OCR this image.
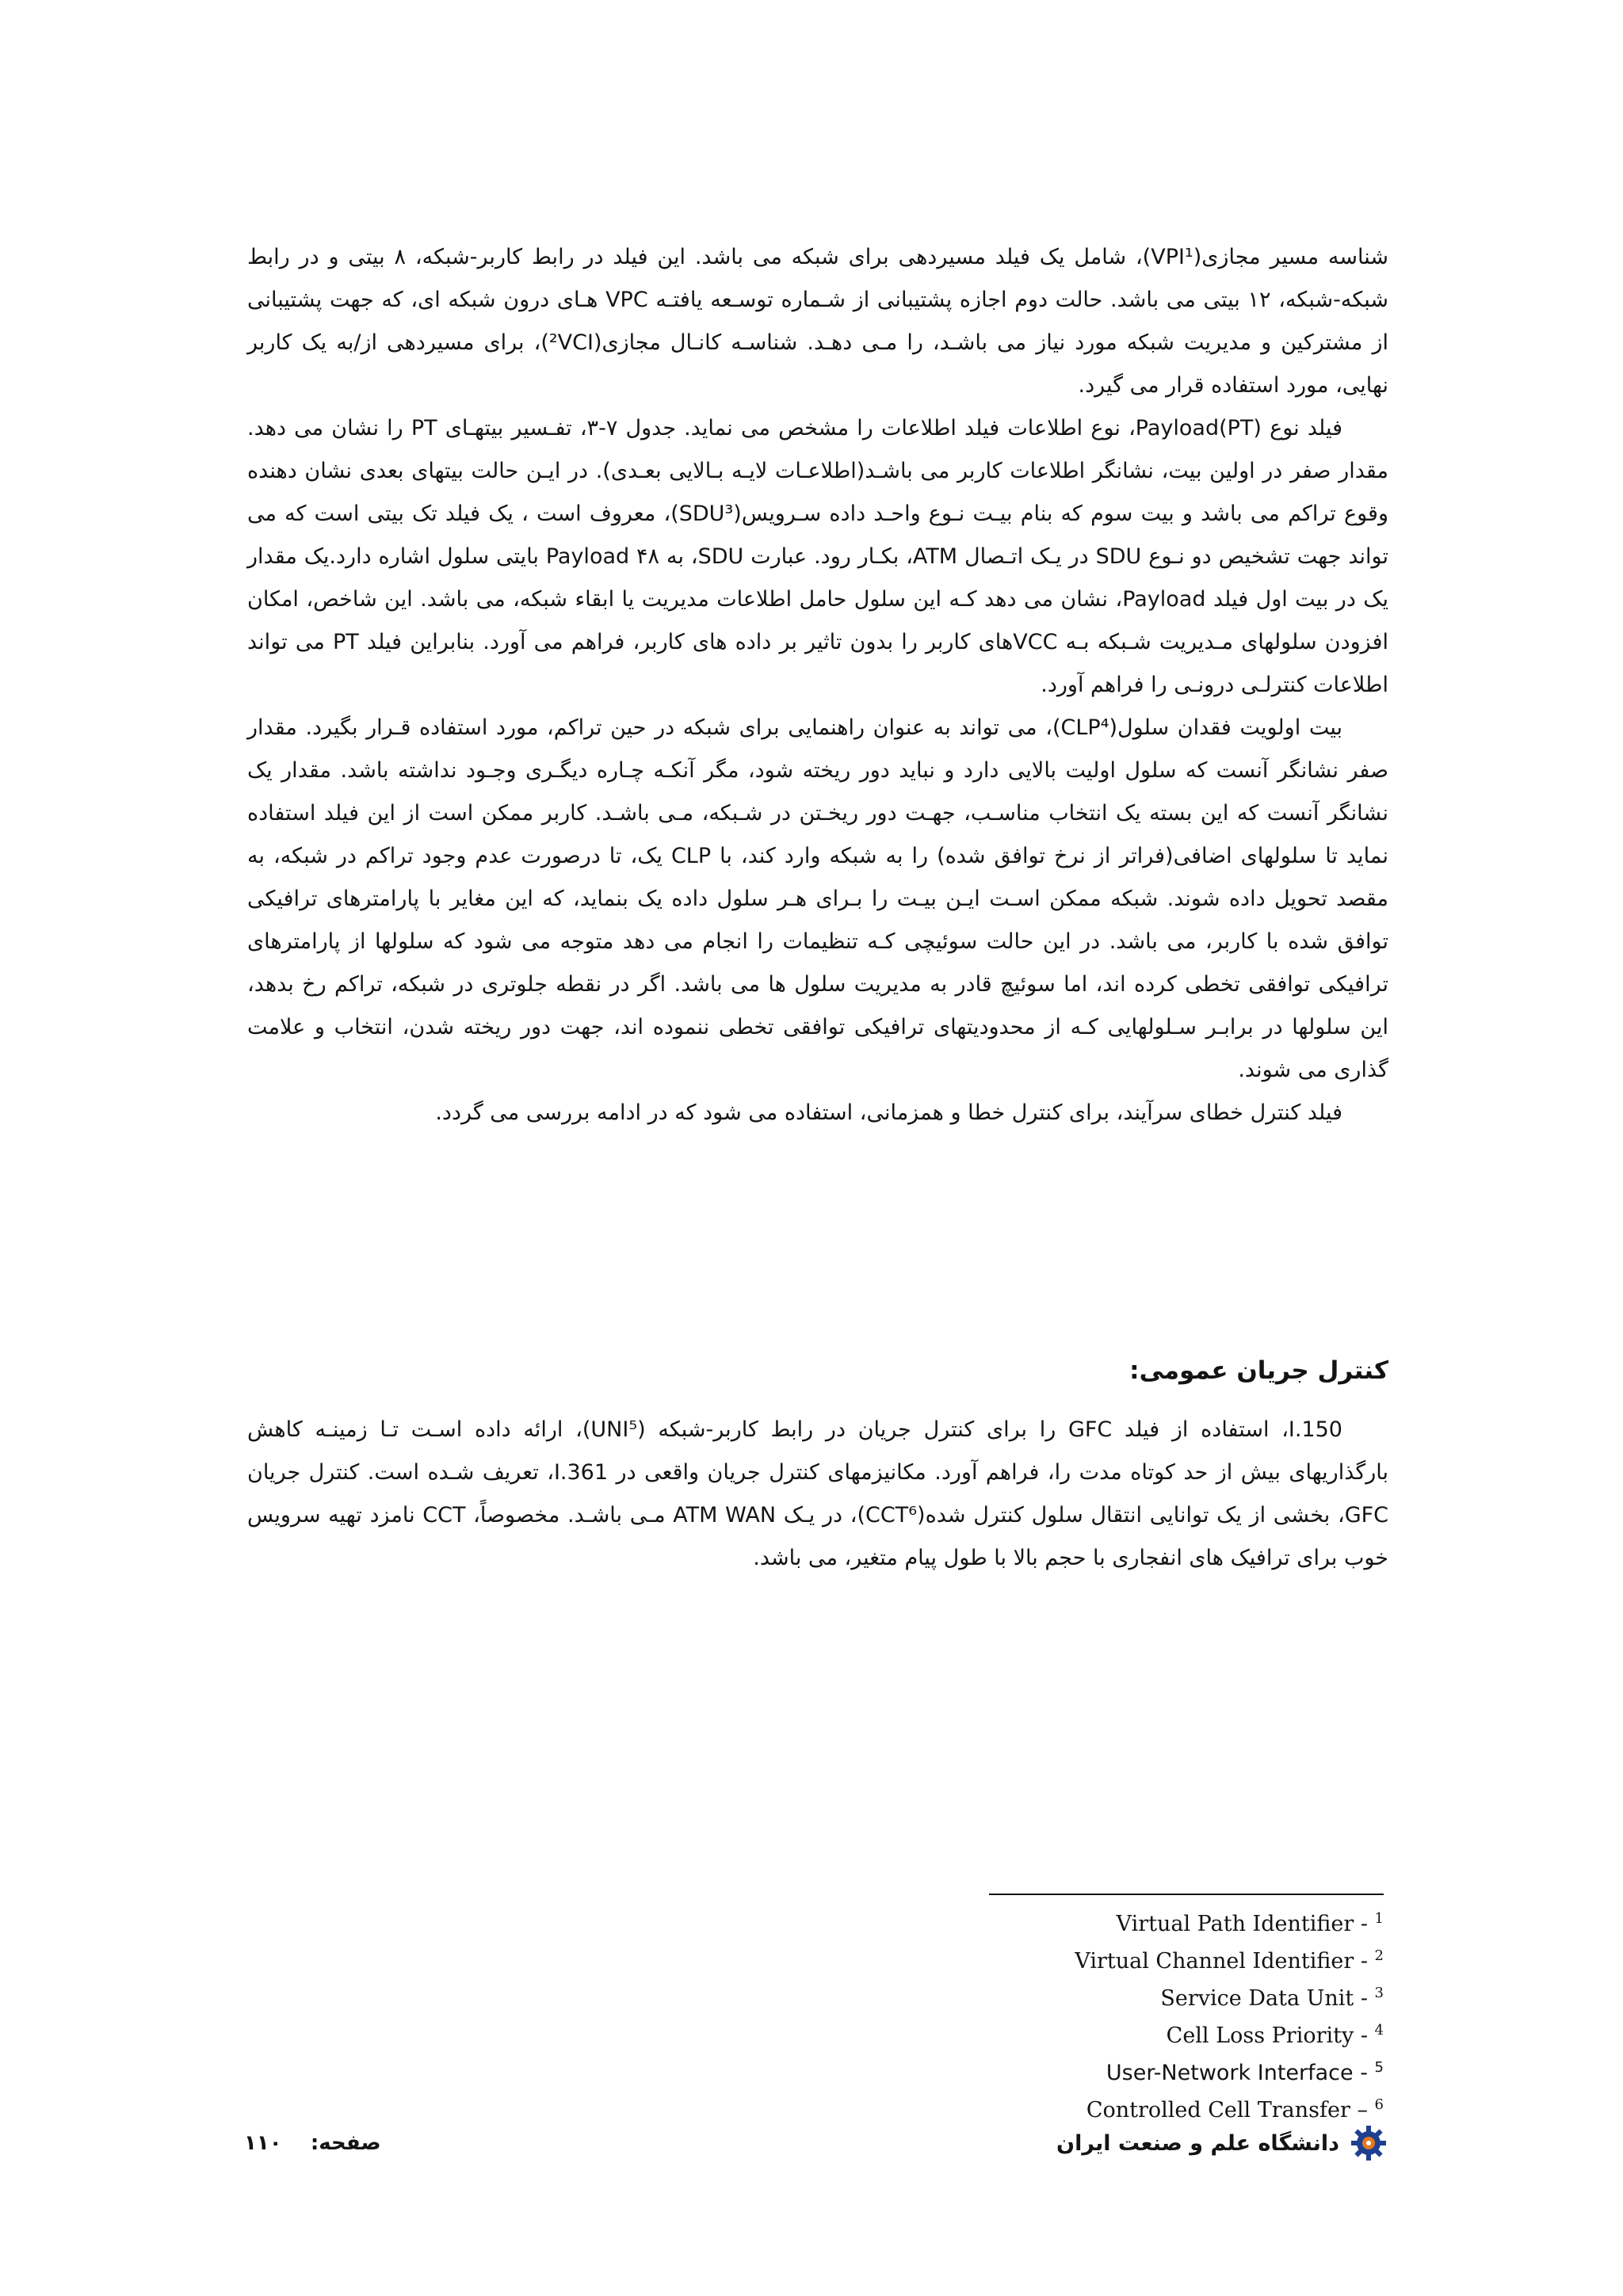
شناسه مسیر مجازی(VPI¹)، شامل یک فیلد مسیردهی برای شبکه می باشد. این فیلد در رابط کاربر-شبکه، ۸ بیتی و در رابط شبکه-شبکه، ۱۲ بیتی می باشد. حالت دوم اجازه پشتیبانی از شـماره توسـعه یافتـه VPC هـای درون شبکه ای، که جهت پشتیبانی از مشترکین و مدیریت شبکه مورد نیاز می باشـد، را مـی دهـد. شناسـه کانـال مجازی(²VCI)، برای مسیردهی از/به یک کاربر نهایی، مورد استفاده قرار می گیرد.

فیلد نوع Payload(PT)، نوع اطلاعات فیلد اطلاعات را مشخص می نماید. جدول ۷-۳، تفـسیر بیتهـای PT را نشان می دهد. مقدار صفر در اولین بیت، نشانگر اطلاعات کاربر می باشـد(اطلاعـات لایـه بـالایی بعـدی). در ایـن حالت بیتهای بعدی نشان دهنده وقوع تراکم می باشد و بیت سوم که بنام بیـت نـوع واحـد داده سـرویس(SDU³)، معروف است ، یک فیلد تک بیتی است که می تواند جهت تشخیص دو نـوع SDU در یـک اتـصال ATM، بکـار رود. عبارت SDU، به Payload ۴۸ بایتی سلول اشاره دارد.یک مقدار یک در بیت اول فیلد Payload، نشان می دهد کـه این سلول حامل اطلاعات مدیریت یا ابقاء شبکه، می باشد. این شاخص، امکان افزودن سلولهای مـدیریت شـبکه بـه VCCهای کاربر را بدون تاثیر بر داده های کاربر، فراهم می آورد. بنابراین فیلد PT می تواند اطلاعات کنترلـی درونـی را فراهم آورد.

بیت اولویت فقدان سلول(CLP⁴)، می تواند به عنوان راهنمایی برای شبکه در حین تراکم، مورد استفاده قـرار بگیرد. مقدار صفر نشانگر آنست که سلول اولیت بالایی دارد و نباید دور ریخته شود، مگر آنکـه چـاره دیگـری وجـود نداشته باشد. مقدار یک نشانگر آنست که این بسته یک انتخاب مناسـب، جهـت دور ریخـتن در شـبکه، مـی باشـد. کاربر ممکن است از این فیلد استفاده نماید تا سلولهای اضافی(فراتر از نرخ توافق شده) را به شبکه وارد کند، با CLP یک، تا درصورت عدم وجود تراکم در شبکه، به مقصد تحویل داده شوند. شبکه ممکن اسـت ایـن بیـت را بـرای هـر سلول داده یک بنماید، که این مغایر با پارامترهای ترافیکی توافق شده با کاربر، می باشد. در این حالت سوئیچی کـه تنظیمات را انجام می دهد متوجه می شود که سلولها از پارامترهای ترافیکی توافقی تخطی کرده اند، اما سوئیچ قادر به مدیریت سلول ها می باشد. اگر در نقطه جلوتری در شبکه، تراکم رخ بدهد، این سلولها در برابـر سـلولهایی کـه از محدودیتهای ترافیکی توافقی تخطی ننموده اند، جهت دور ریخته شدن، انتخاب و علامت گذاری می شوند.

فیلد کنترل خطای سرآیند، برای کنترل خطا و همزمانی، استفاده می شود که در ادامه بررسی می گردد.

کنترل جریان عمومی:

I.150، استفاده از فیلد GFC را برای کنترل جریان در رابط کاربر-شبکه (UNI⁵)، ارائه داده اسـت تـا زمینـه کاهش بارگذاریهای بیش از حد کوتاه مدت را، فراهم آورد. مکانیزمهای کنترل جریان واقعی در I.361، تعریف شـده است. کنترل جریان GFC، بخشی از یک توانایی انتقال سلول کنترل شده(CCT⁶)، در یـک ATM WAN مـی باشـد. مخصوصاً، CCT نامزد تهیه سرویس خوب برای ترافیک های انفجاری با حجم بالا با طول پیام متغیر، می باشد.

Virtual Path Identifier - $^1$
Virtual Channel Identifier - $^2$
Service Data Unit - $^3$
Cell Loss Priority - $^4$
User-Network Interface - $^5$
Controlled Cell Transfer – $^6$
صفحه:    ۱۱۰	دانشگاه علم و صنعت ایران
